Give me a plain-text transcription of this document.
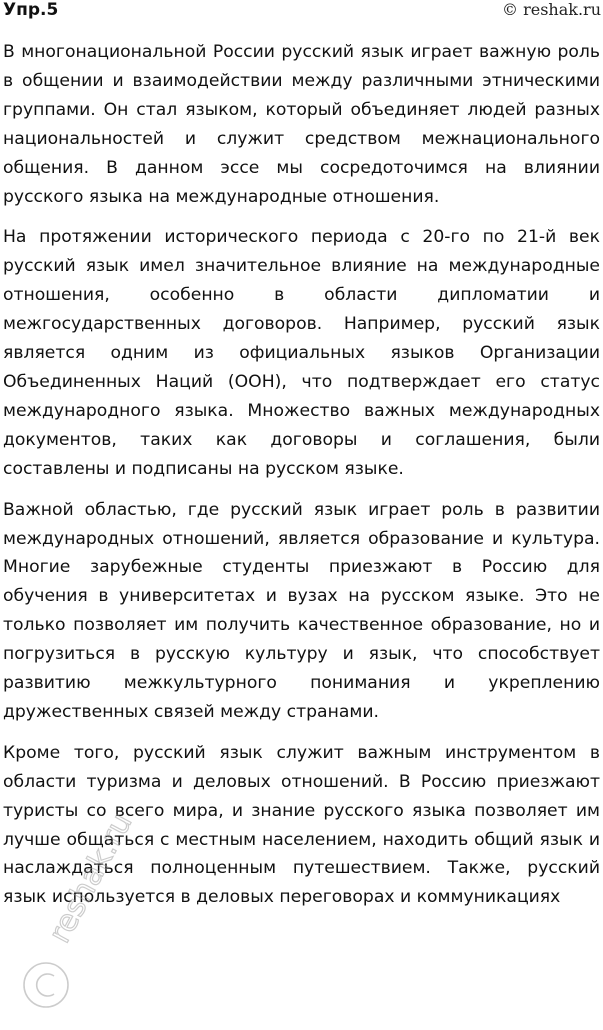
Упр.5	© reshak.ru

В многонациональной России русский язык играет важную роль в общении и взаимодействии между различными этническими группами. Он стал языком, который объединяет людей разных национальностей и служит средством межнационального общения. В данном эссе мы сосредоточимся на влиянии русского языка на международные отношения.

На протяжении исторического периода с 20-го по 21-й век русский язык имел значительное влияние на международные отношения, особенно в области дипломатии и межгосударственных договоров. Например, русский язык является одним из официальных языков Организации Объединенных Наций (ООН), что подтверждает его статус международного языка. Множество важных международных документов, таких как договоры и соглашения, были составлены и подписаны на русском языке.

Важной областью, где русский язык играет роль в развитии международных отношений, является образование и культура. Многие зарубежные студенты приезжают в Россию для обучения в университетах и вузах на русском языке. Это не только позволяет им получить качественное образование, но и погрузиться в русскую культуру и язык, что способствует развитию межкультурного понимания и укреплению дружественных связей между странами.

Кроме того, русский язык служит важным инструментом в области туризма и деловых отношений. В Россию приезжают туристы со всего мира, и знание русского языка позволяет им лучше общаться с местным населением, находить общий язык и наслаждаться полноценным путешествием. Также, русский язык используется в деловых переговорах и коммуникациях

reshak.ru
